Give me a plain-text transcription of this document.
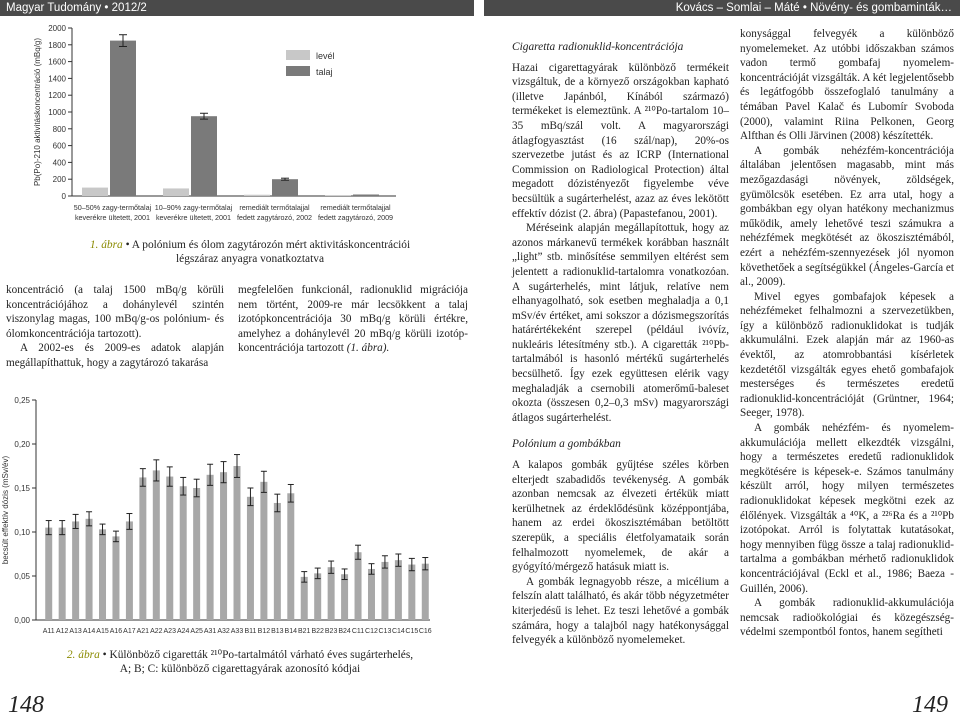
Magyar Tudomány • 2012/2	Kovács – Somlai – Máté • Növény- és gombaminták…
0
200
400
600
800
1000
1200
1400
1600
1800
2000
Pb(Po)-210 aktivitáskoncentráció (mBq/g)
50–50% zagy-termőtalaj
keverékre ültetett, 2001
10–90% zagy-termőtalaj
keverékre ültetett, 2001
remediált termőtalajjal
fedett zagytározó, 2002
remediált termőtalajjal
fedett zagytározó, 2009
levél
talaj
1. ábra • A polónium és ólom zagytározón mért aktivitáskoncentrációi
légszáraz anyagra vonatkoztatva

koncentráció (a talaj 1500 mBq/g körüli koncentrációjához a dohánylevél szintén viszonylag magas, 100 mBq/g-os polónium- és ólomkoncentrációja tartozott).

A 2002-es és 2009-es adatok alapján megállapíthattuk, hogy a zagytározó takarása

megfelelően funkcionál, radionuklid migrációja nem történt, 2009-re már lecsökkent a talaj izotópkoncentrációja 30 mBq/g körüli értékre, amelyhez a dohánylevél 20 mBq/g körüli izotóp-koncentrációja tartozott (1. ábra).

0,00
0,05
0,10
0,15
0,20
0,25
becsült effektív dózis (mSv/év)
A11 A12 A13 A14 A15 A16 A17 A21 A22 A23 A24 A25 A31 A32 A33 B11 B12 B13 B14 B21 B22 B23 B24 C11 C12 C13 C14 C15 C16
2. ábra • Különböző cigaretták ²¹⁰Po-tartalmától várható éves sugárterhelés,
A; B; C: különböző cigarettagyárak azonosító kódjai
148	149
Cigaretta radionuklid-koncentrációja

Hazai cigarettagyárak különböző termékeit vizsgáltuk, de a környező országokban kapható (illetve Japánból, Kínából származó) termékeket is elemeztünk. A ²¹⁰Po-tartalom 10–35 mBq/szál volt. A magyarországi átlagfogyasztást (16 szál/nap), 20%-os szervezetbe jutást és az ICRP (International Commission on Radiological Protection) által megadott dózistényezőt figyelembe véve becsültük a sugárterhelést, azaz az éves lekötött effektív dózist (2. ábra) (Papastefanou, 2001).

Méréseink alapján megállapítottuk, hogy az azonos márkanevű termékek korábban használt „light” stb. minősítése semmilyen eltérést sem jelentett a radionuklid-tartalomra vonatkozóan. A sugárterhelés, mint látjuk, relatíve nem elhanyagolható, sok esetben meghaladja a 0,1 mSv/év értéket, ami sokszor a dózismegszorítás határértékeként szerepel (például ivóvíz, nukleáris létesítmény stb.). A cigaretták ²¹⁰Pb-tartalmából is hasonló mértékű sugárterhelés becsülhető. Így ezek együttesen elérik vagy meghaladják a csernobili atomerőmű-baleset okozta (összesen 0,2–0,3 mSv) magyarországi átlagos sugárterhelést.

Polónium a gombákban

A kalapos gombák gyűjtése széles körben elterjedt szabadidős tevékenység. A gombák azonban nemcsak az élvezeti értékük miatt kerülhetnek az érdeklődésünk középpontjába, hanem az erdei ökoszisztémában betöltött szerepük, a speciális életfolyamataik során felhalmozott nyomelemek, de akár a gyógyító/mérgező hatásuk miatt is.

A gombák legnagyobb része, a micélium a felszín alatt található, és akár több négyzetméter kiterjedésű is lehet. Ez teszi lehetővé a gombák számára, hogy a talajból nagy hatékonysággal felvegyék a különböző nyomelemeket.

konysággal felvegyék a különböző nyomelemeket. Az utóbbi időszakban számos vadon termő gombafaj nyomelem-koncentrációját vizsgálták. A két legjelentősebb és legátfogóbb összefoglaló tanulmány a témában Pavel Kalač és Lubomír Svoboda (2000), valamint Riina Pelkonen, Georg Alfthan és Olli Järvinen (2008) készítették.

A gombák nehézfém-koncentrációja általában jelentősen magasabb, mint más mezőgazdasági növények, zöldségek, gyümölcsök esetében. Ez arra utal, hogy a gombákban egy olyan hatékony mechanizmus működik, amely lehetővé teszi számukra a nehézfémek megkötését az ökoszisztémából, ezért a nehézfém-szennyezések jól nyomon követhetőek a segítségükkel (Ángeles-García et al., 2009).

Mivel egyes gombafajok képesek a nehézfémeket felhalmozni a szervezetükben, így a különböző radionuklidokat is tudják akkumulálni. Ezek alapján már az 1960-as évektől, az atomrobbantási kísérletek kezdetétől vizsgálták egyes ehető gombafajok mesterséges és természetes eredetű radionuklid-koncentrációját (Grüntner, 1964; Seeger, 1978).

A gombák nehézfém- és nyomelem-akkumulációja mellett elkezdték vizsgálni, hogy a természetes eredetű radionuklidok megkötésére is képesek-e. Számos tanulmány készült arról, hogy milyen természetes radionuklidokat képesek megkötni ezek az élőlények. Vizsgálták a ⁴⁰K, a ²²⁶Ra és a ²¹⁰Pb izotópokat. Arról is folytattak kutatásokat, hogy mennyiben függ össze a talaj radionuklid-tartalma a gombákban mérhető radionuklidok koncentrációjával (Eckl et al., 1986; Baeza - Guillén, 2006).

A gombák radionuklid-akkumulációja nemcsak radioökológiai és közegészség-védelmi szempontból fontos, hanem segítheti
